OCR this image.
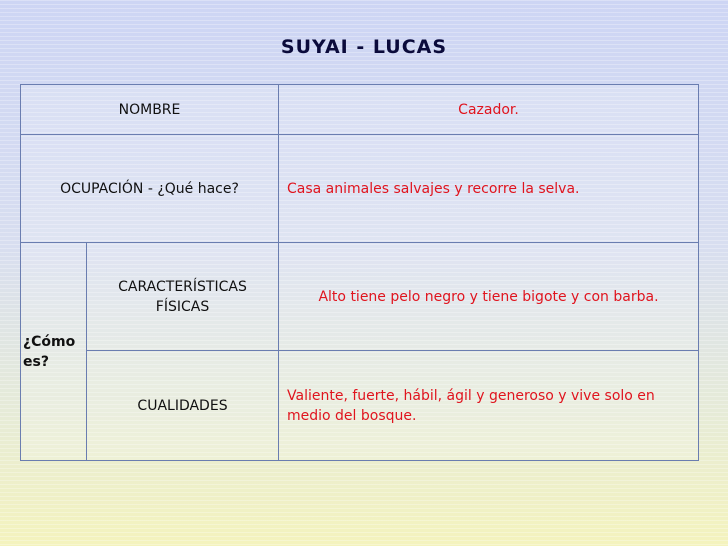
SUYAI - LUCAS
NOMBRE		Cazador.
OCUPACIÓN - ¿Qué hace?		Casa animales salvajes y recorre la selva.
¿Cómo es?	CARACTERÍSTICAS FÍSICAS	Alto tiene pelo negro y tiene bigote y con barba.
	CUALIDADES	Valiente, fuerte, hábil, ágil y generoso y vive solo en medio del bosque.
